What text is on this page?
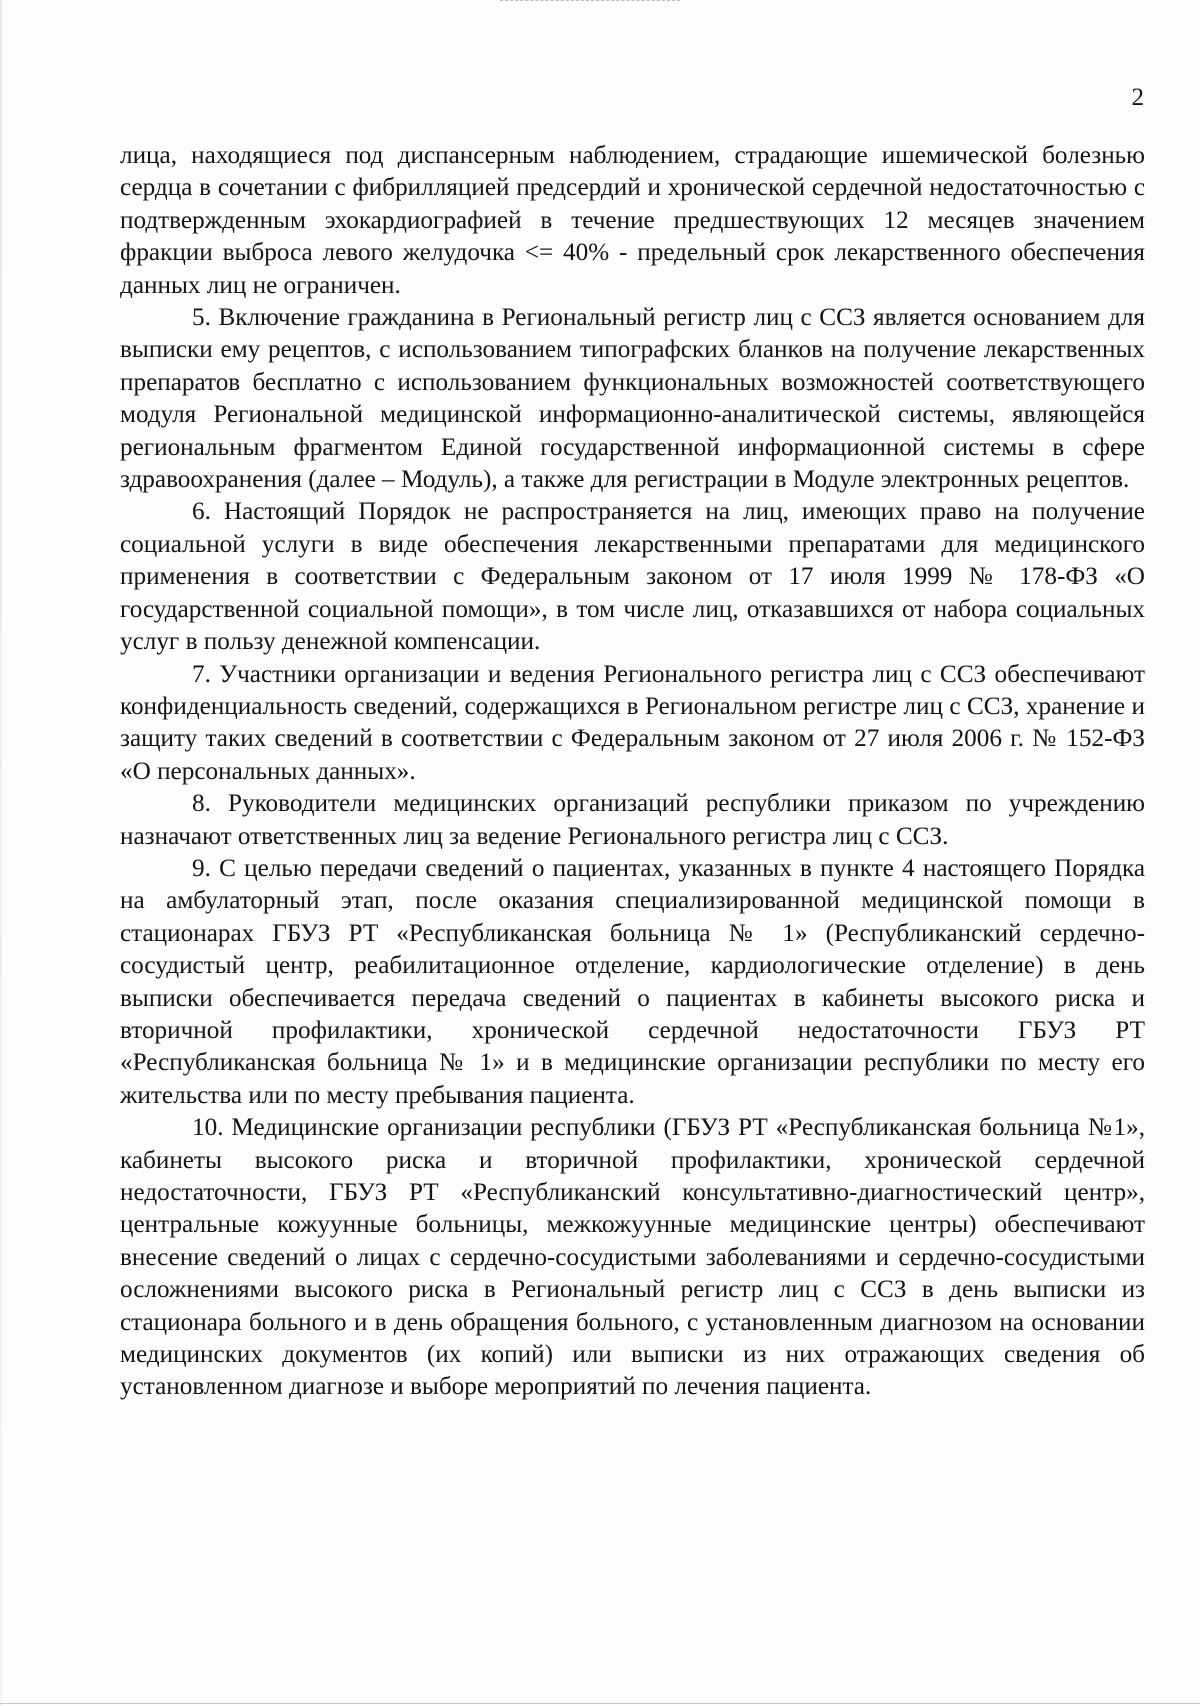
2

лица, находящиеся под диспансерным наблюдением, страдающие ишемической болезнью сердца в сочетании с фибрилляцией предсердий и хронической сердечной недостаточностью с подтвержденным эхокардиографией в течение предшествующих 12 месяцев значением фракции выброса левого желудочка <= 40% - предельный срок лекарственного обеспечения данных лиц не ограничен.

5. Включение гражданина в Региональный регистр лиц с ССЗ является основанием для выписки ему рецептов, с использованием типографских бланков на получение лекарственных препаратов бесплатно с использованием функциональных возможностей соответствующего модуля Региональной медицинской информационно-аналитической системы, являющейся региональным фрагментом Единой государственной информационной системы в сфере здравоохранения (далее – Модуль), а также для регистрации в Модуле электронных рецептов.

6. Настоящий Порядок не распространяется на лиц, имеющих право на получение социальной услуги в виде обеспечения лекарственными препаратами для медицинского применения в соответствии с Федеральным законом от 17 июля 1999 № 178-ФЗ «О государственной социальной помощи», в том числе лиц, отказавшихся от набора социальных услуг в пользу денежной компенсации.

7. Участники организации и ведения Регионального регистра лиц с ССЗ обеспечивают конфиденциальность сведений, содержащихся в Региональном регистре лиц с ССЗ, хранение и защиту таких сведений в соответствии с Федеральным законом от 27 июля 2006 г. № 152-ФЗ «О персональных данных».

8. Руководители медицинских организаций республики приказом по учреждению назначают ответственных лиц за ведение Регионального регистра лиц с ССЗ.

9. С целью передачи сведений о пациентах, указанных в пункте 4 настоящего Порядка на амбулаторный этап, после оказания специализированной медицинской помощи в стационарах ГБУЗ РТ «Республиканская больница № 1» (Республиканский сердечно-сосудистый центр, реабилитационное отделение, кардиологические отделение) в день выписки обеспечивается передача сведений о пациентах в кабинеты высокого риска и вторичной профилактики, хронической сердечной недостаточности ГБУЗ РТ «Республиканская больница № 1» и в медицинские организации республики по месту его жительства или по месту пребывания пациента.

10. Медицинские организации республики (ГБУЗ РТ «Республиканская больница №1», кабинеты высокого риска и вторичной профилактики, хронической сердечной недостаточности, ГБУЗ РТ «Республиканский консультативно-диагностический центр», центральные кожуунные больницы, межкожуунные медицинские центры) обеспечивают внесение сведений о лицах с сердечно-сосудистыми заболеваниями и сердечно-сосудистыми осложнениями высокого риска в Региональный регистр лиц с ССЗ в день выписки из стационара больного и в день обращения больного, с установленным диагнозом на основании медицинских документов (их копий) или выписки из них отражающих сведения об установленном диагнозе и выборе мероприятий по лечения пациента.
